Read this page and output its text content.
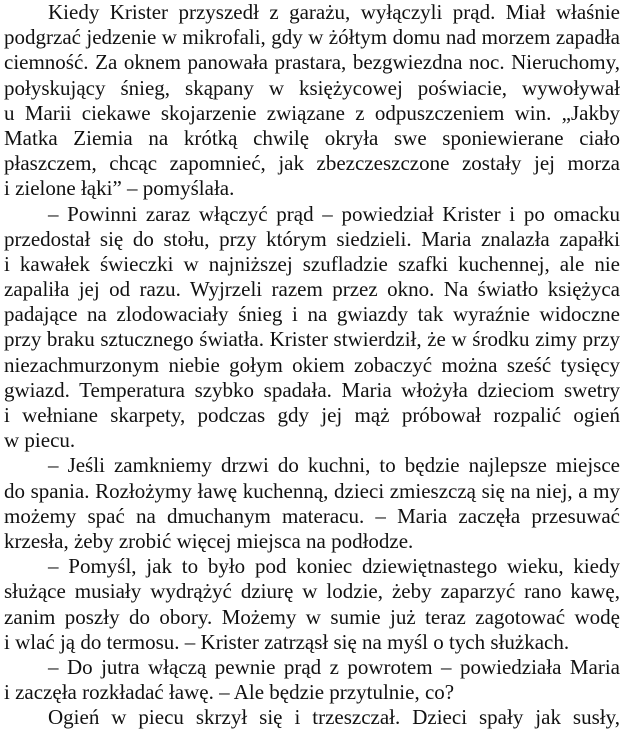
Kiedy Krister przyszedł z garażu, wyłączyli prąd. Miał właśnie
podgrzać jedzenie w mikrofali, gdy w żółtym domu nad morzem zapadła
ciemność. Za oknem panowała prastara, bezgwiezdna noc. Nieruchomy,
połyskujący śnieg, skąpany w księżycowej poświacie, wywoływał
u Marii ciekawe skojarzenie związane z odpuszczeniem win. „Jakby
Matka Ziemia na krótką chwilę okryła swe sponiewierane ciało
płaszczem, chcąc zapomnieć, jak zbezczeszczone zostały jej morza
i zielone łąki” – pomyślała.
– Powinni zaraz włączyć prąd – powiedział Krister i po omacku
przedostał się do stołu, przy którym siedzieli. Maria znalazła zapałki
i kawałek świeczki w najniższej szufladzie szafki kuchennej, ale nie
zapaliła jej od razu. Wyjrzeli razem przez okno. Na światło księżyca
padające na zlodowaciały śnieg i na gwiazdy tak wyraźnie widoczne
przy braku sztucznego światła. Krister stwierdził, że w środku zimy przy
niezachmurzonym niebie gołym okiem zobaczyć można sześć tysięcy
gwiazd. Temperatura szybko spadała. Maria włożyła dzieciom swetry
i wełniane skarpety, podczas gdy jej mąż próbował rozpalić ogień
w piecu.
– Jeśli zamkniemy drzwi do kuchni, to będzie najlepsze miejsce
do spania. Rozłożymy ławę kuchenną, dzieci zmieszczą się na niej, a my
możemy spać na dmuchanym materacu. – Maria zaczęła przesuwać
krzesła, żeby zrobić więcej miejsca na podłodze.
– Pomyśl, jak to było pod koniec dziewiętnastego wieku, kiedy
służące musiały wydrążyć dziurę w lodzie, żeby zaparzyć rano kawę,
zanim poszły do obory. Możemy w sumie już teraz zagotować wodę
i wlać ją do termosu. – Krister zatrząsł się na myśl o tych służkach.
– Do jutra włączą pewnie prąd z powrotem – powiedziała Maria
i zaczęła rozkładać ławę. – Ale będzie przytulnie, co?
Ogień w piecu skrzył się i trzeszczał. Dzieci spały jak susły,
